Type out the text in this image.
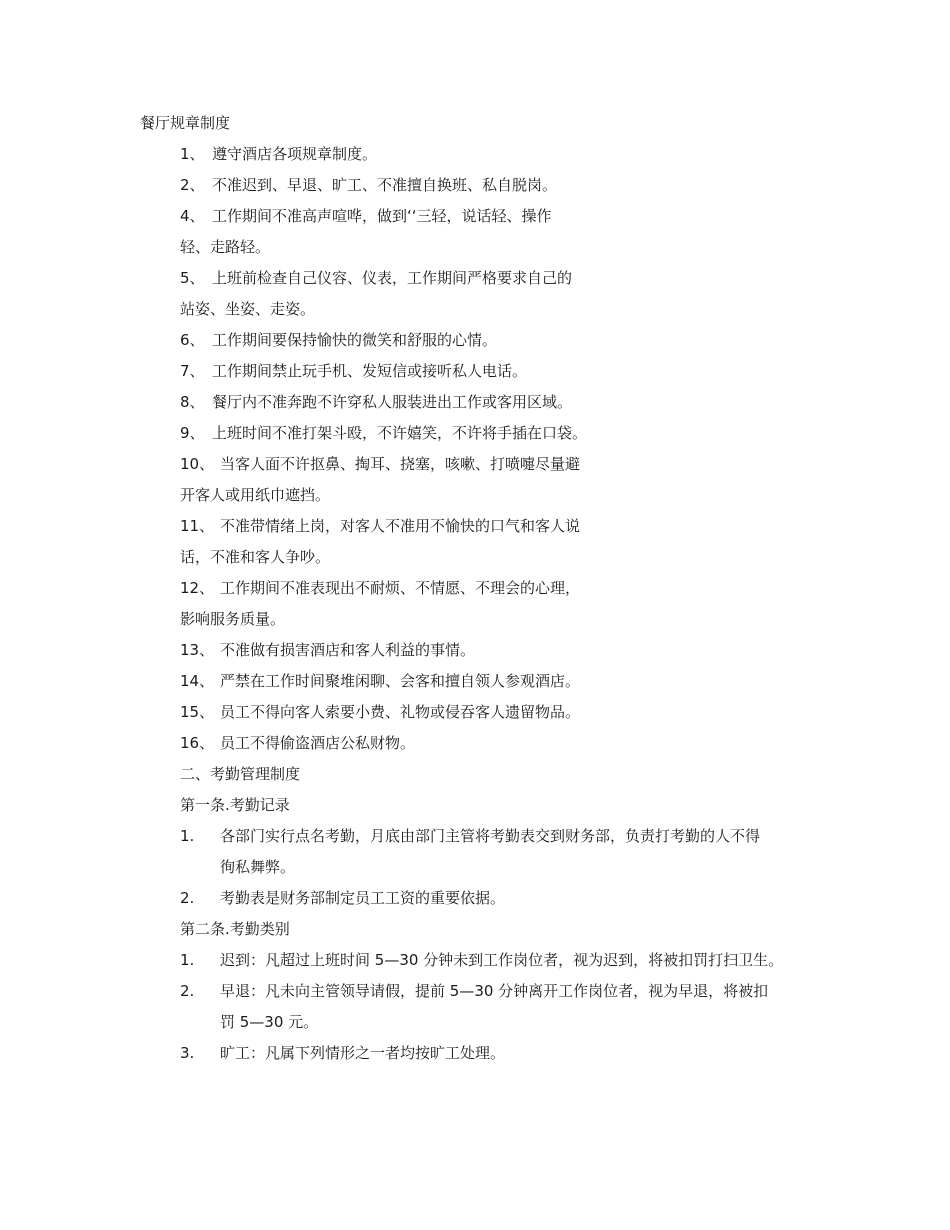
餐厅规章制度
1、 遵守酒店各项规章制度。
2、 不准迟到、早退、旷工、不准擅自换班、私自脱岗。
4、 工作期间不准高声喧哗，做到‘‘三轻，说话轻、操作
轻、走路轻。
5、 上班前检查自己仪容、仪表，工作期间严格要求自己的
站姿、坐姿、走姿。
6、 工作期间要保持愉快的微笑和舒服的心情。
7、 工作期间禁止玩手机、发短信或接听私人电话。
8、 餐厅内不准奔跑不许穿私人服装进出工作或客用区域。
9、 上班时间不准打架斗殴，不许嬉笑，不许将手插在口袋。
10、 当客人面不许抠鼻、掏耳、挠塞，咳嗽、打喷嚏尽量避
开客人或用纸巾遮挡。
11、 不准带情绪上岗，对客人不准用不愉快的口气和客人说
话，不准和客人争吵。
12、 工作期间不准表现出不耐烦、不情愿、不理会的心理，
影响服务质量。
13、 不准做有损害酒店和客人利益的事情。
14、 严禁在工作时间聚堆闲聊、会客和擅自领人参观酒店。
15、 员工不得向客人索要小费、礼物或侵吞客人遗留物品。
16、 员工不得偷盗酒店公私财物。
二、考勤管理制度
第一条.考勤记录
1. 各部门实行点名考勤，月底由部门主管将考勤表交到财务部，负责打考勤的人不得
徇私舞弊。
2. 考勤表是财务部制定员工工资的重要依据。
第二条.考勤类别
1. 迟到：凡超过上班时间 5—30 分钟未到工作岗位者，视为迟到，将被扣罚打扫卫生。
2. 早退：凡未向主管领导请假，提前 5—30 分钟离开工作岗位者，视为早退，将被扣
罚 5—30 元。
3. 旷工：凡属下列情形之一者均按旷工处理。
